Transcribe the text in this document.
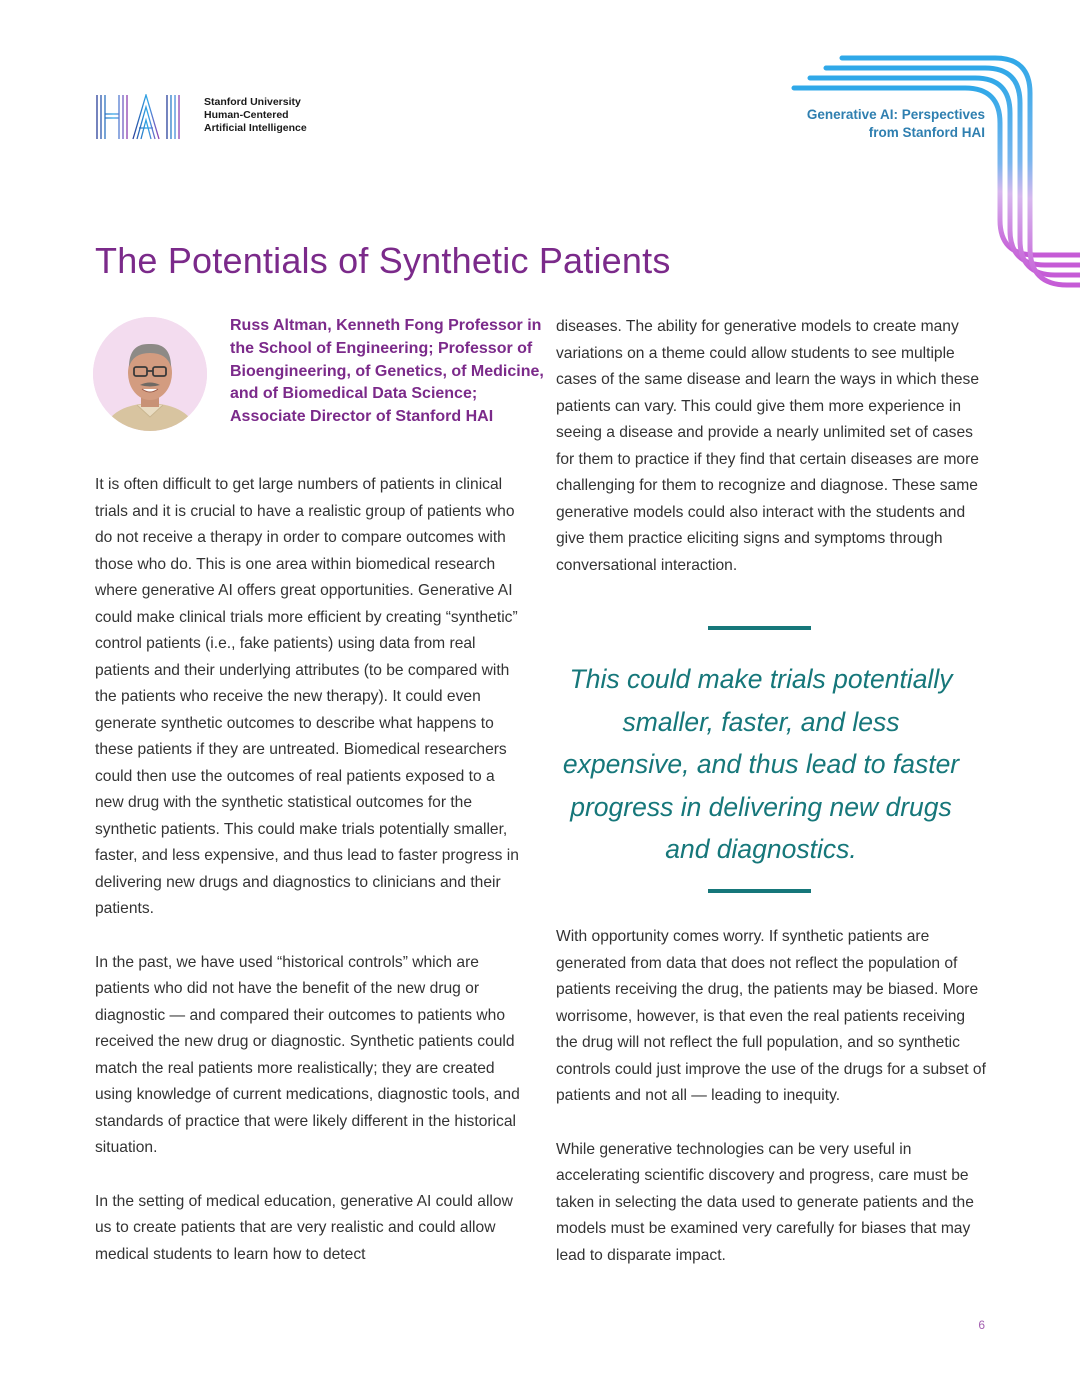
Stanford University
Human-Centered
Artificial Intelligence
Generative AI: Perspectives
from Stanford HAI
The Potentials of Synthetic Patients
Russ Altman, Kenneth Fong Professor in the School of Engineering; Professor of Bioengineering, of Genetics, of Medicine, and of Biomedical Data Science; Associate Director of Stanford HAI

It is often difficult to get large numbers of patients in clinical trials and it is crucial to have a realistic group of patients who do not receive a therapy in order to compare outcomes with those who do. This is one area within biomedical research where generative AI offers great opportunities. Generative AI could make clinical trials more efficient by creating “synthetic” control patients (i.e., fake patients) using data from real patients and their underlying attributes (to be compared with the patients who receive the new therapy). It could even generate synthetic outcomes to describe what happens to these patients if they are untreated. Biomedical researchers could then use the outcomes of real patients exposed to a new drug with the synthetic statistical outcomes for the synthetic patients. This could make trials potentially smaller, faster, and less expensive, and thus lead to faster progress in delivering new drugs and diagnostics to clinicians and their patients.

In the past, we have used “historical controls” which are patients who did not have the benefit of the new drug or diagnostic — and compared their outcomes to patients who received the new drug or diagnostic. Synthetic patients could match the real patients more realistically; they are created using knowledge of current medications, diagnostic tools, and standards of practice that were likely different in the historical situation.

In the setting of medical education, generative AI could allow us to create patients that are very realistic and could allow medical students to learn how to detect

diseases. The ability for generative models to create many variations on a theme could allow students to see multiple cases of the same disease and learn the ways in which these patients can vary. This could give them more experience in seeing a disease and provide a nearly unlimited set of cases for them to practice if they find that certain diseases are more challenging for them to recognize and diagnose. These same generative models could also interact with the students and give them practice eliciting signs and symptoms through conversational interaction.

This could make trials potentially smaller, faster, and less expensive, and thus lead to faster progress in delivering new drugs and diagnostics.

With opportunity comes worry. If synthetic patients are generated from data that does not reflect the population of patients receiving the drug, the patients may be biased. More worrisome, however, is that even the real patients receiving the drug will not reflect the full population, and so synthetic controls could just improve the use of the drugs for a subset of patients and not all — leading to inequity.

While generative technologies can be very useful in accelerating scientific discovery and progress, care must be taken in selecting the data used to generate patients and the models must be examined very carefully for biases that may lead to disparate impact.

6
